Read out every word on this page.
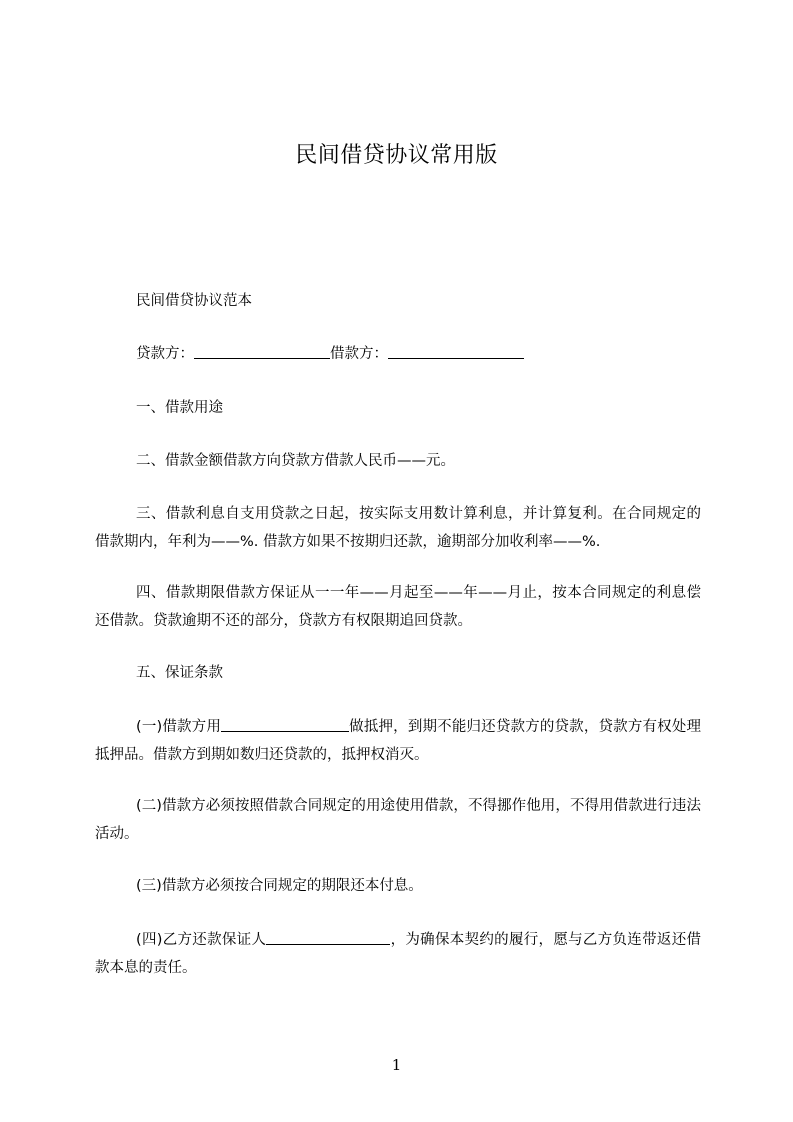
民间借贷协议常用版
民间借贷协议范本
贷款方：	借款方：
一、借款用途
二、借款金额借款方向贷款方借款人民币——元。
三、借款利息自支用贷款之日起，按实际支用数计算利息，并计算复利。在合同规定的借款期内，年利为——%. 借款方如果不按期归还款，逾期部分加收利率——%.
四、借款期限借款方保证从一一年——月起至——年——月止，按本合同规定的利息偿还借款。贷款逾期不还的部分，贷款方有权限期追回贷款。
五、保证条款
(一)借款方用	做抵押，到期不能归还贷款方的贷款，贷款方有权处理抵押品。借款方到期如数归还贷款的，抵押权消灭。
(二)借款方必须按照借款合同规定的用途使用借款，不得挪作他用，不得用借款进行违法活动。
(三)借款方必须按合同规定的期限还本付息。
(四)乙方还款保证人	，为确保本契约的履行，愿与乙方负连带返还借款本息的责任。
1
